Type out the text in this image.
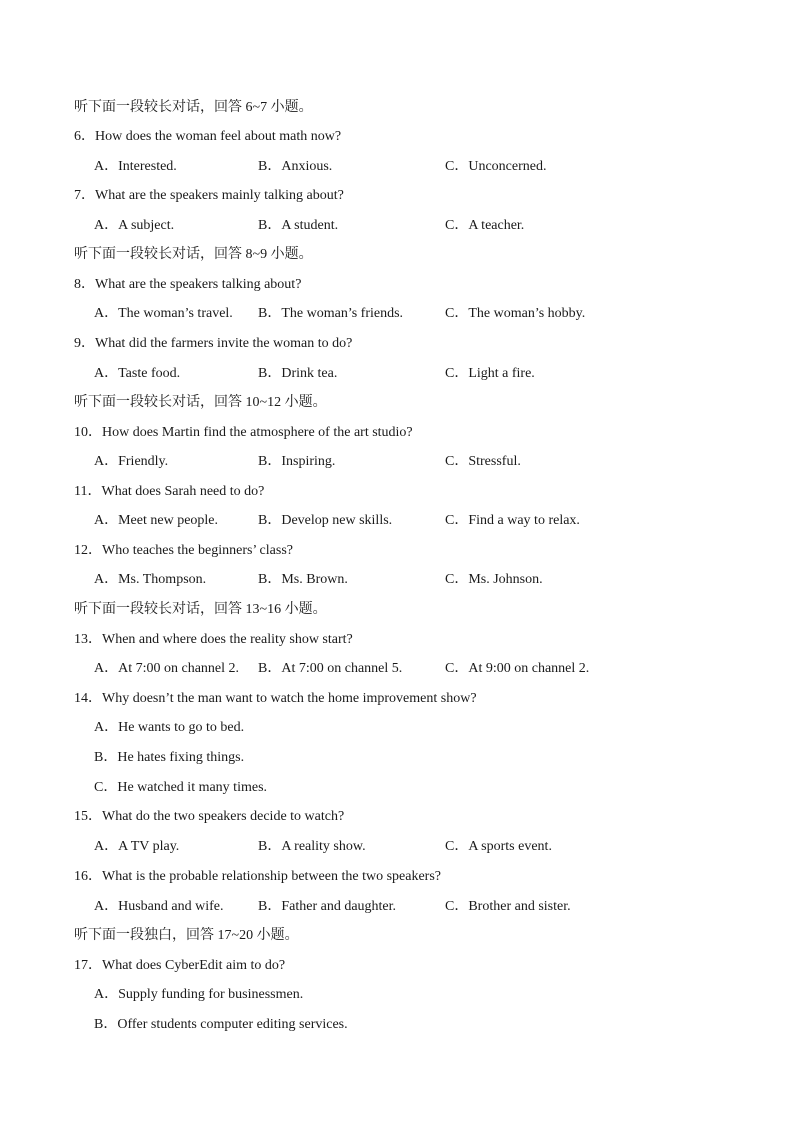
听下面一段较长对话，回答 6~7 小题。
6．How does the woman feel about math now?
A．Interested.	B．Anxious.	C．Unconcerned.
7．What are the speakers mainly talking about?
A．A subject.	B．A student.	C．A teacher.
听下面一段较长对话，回答 8~9 小题。
8．What are the speakers talking about?
A．The woman’s travel. B．The woman’s friends.	C．The woman’s hobby.
9．What did the farmers invite the woman to do?
A．Taste food.	B．Drink tea.	C．Light a fire.
听下面一段较长对话，回答 10~12 小题。
10．How does Martin find the atmosphere of the art studio?
A．Friendly.	B．Inspiring.	C．Stressful.
11．What does Sarah need to do?
A．Meet new people.	B．Develop new skills.	C．Find a way to relax.
12．Who teaches the beginners’ class?
A．Ms. Thompson.	B．Ms. Brown.	C．Ms. Johnson.
听下面一段较长对话，回答 13~16 小题。
13．When and where does the reality show start?
A．At 7:00 on channel 2. B．At 7:00 on channel 5.	C．At 9:00 on channel 2.
14．Why doesn’t the man want to watch the home improvement show?
A．He wants to go to bed.
B．He hates fixing things.
C．He watched it many times.
15．What do the two speakers decide to watch?
A．A TV play.	B．A reality show.	C．A sports event.
16．What is the probable relationship between the two speakers?
A．Husband and wife. B．Father and daughter.	C．Brother and sister.
听下面一段独白，回答 17~20 小题。
17．What does CyberEdit aim to do?
A．Supply funding for businessmen.
B．Offer students computer editing services.
